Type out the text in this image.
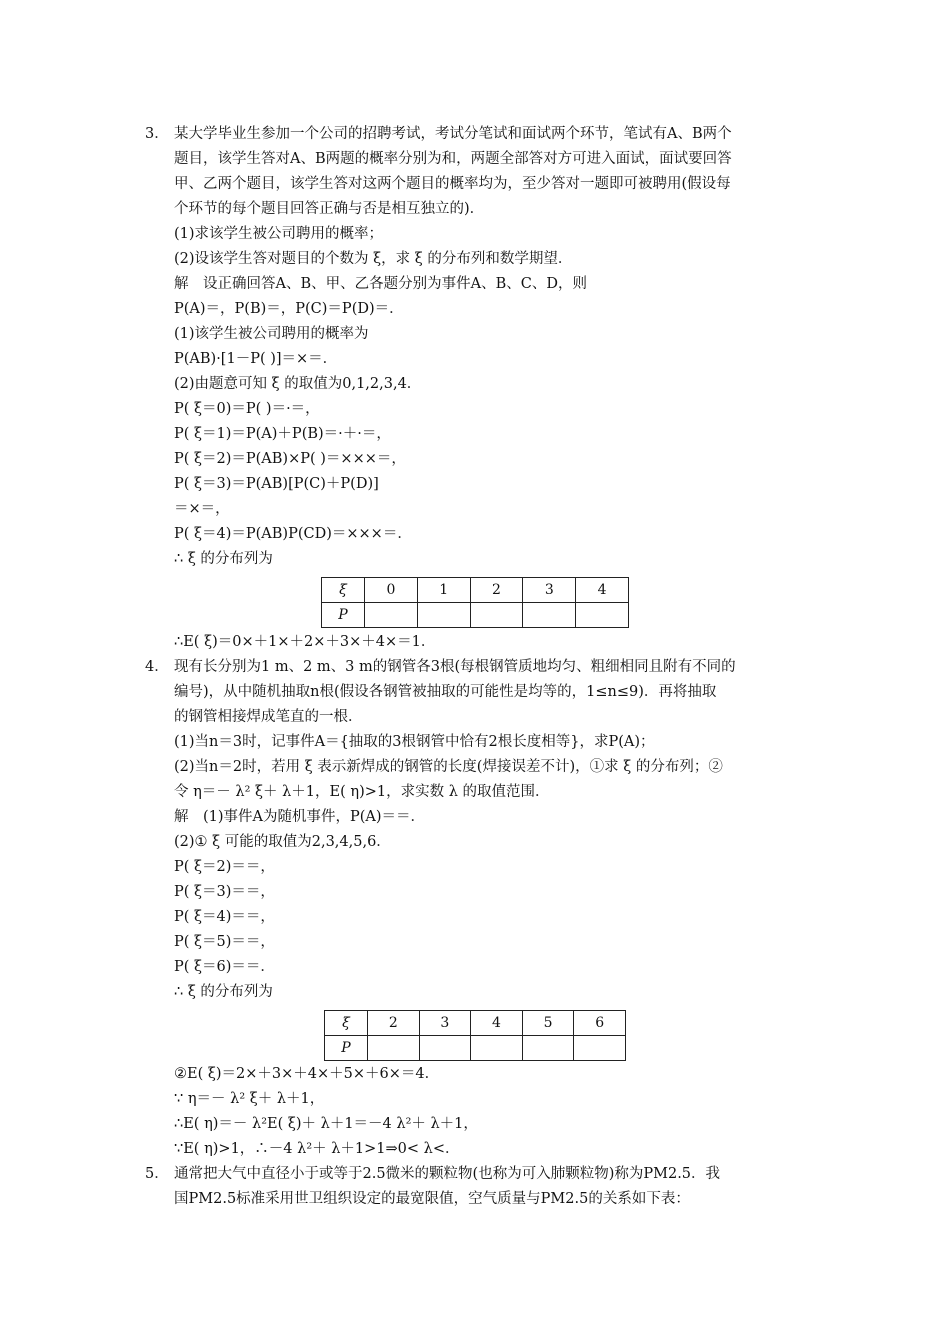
3． 某大学毕业生参加一个公司的招聘考试，考试分笔试和面试两个环节，笔试有A、B两个
题目，该学生答对A、B两题的概率分别为和，两题全部答对方可进入面试，面试要回答
甲、乙两个题目，该学生答对这两个题目的概率均为，至少答对一题即可被聘用(假设每
个环节的每个题目回答正确与否是相互独立的)．
(1)求该学生被公司聘用的概率；
(2)设该学生答对题目的个数为 ξ，求 ξ 的分布列和数学期望．
解　设正确回答A、B、甲、乙各题分别为事件A、B、C、D，则
P(A)＝，P(B)＝，P(C)＝P(D)＝．
(1)该学生被公司聘用的概率为
P(AB)·[1－P( )]＝×＝．
(2)由题意可知 ξ 的取值为0,1,2,3,4．
P( ξ＝0)＝P( )＝·＝，
P( ξ＝1)＝P(A)＋P(B)＝·＋·＝，
P( ξ＝2)＝P(AB)×P( )＝×××＝，
P( ξ＝3)＝P(AB)[P(C)＋P(D)]
＝×＝，
P( ξ＝4)＝P(AB)P(CD)＝×××＝．
∴ ξ 的分布列为
ξ	0	1	2	3	4
P					
∴E( ξ)＝0×＋1×＋2×＋3×＋4×＝1．
4． 现有长分别为1 m、2 m、3 m的钢管各3根(每根钢管质地均匀、粗细相同且附有不同的
编号)，从中随机抽取n根(假设各钢管被抽取的可能性是均等的，1≤n≤9)．再将抽取
的钢管相接焊成笔直的一根．
(1)当n＝3时，记事件A＝{抽取的3根钢管中恰有2根长度相等}，求P(A)；
(2)当n＝2时，若用 ξ 表示新焊成的钢管的长度(焊接误差不计)，①求 ξ 的分布列；②
令 η＝－ λ² ξ＋ λ＋1，E( η)>1，求实数 λ 的取值范围．
解　(1)事件A为随机事件，P(A)＝＝．
(2)① ξ 可能的取值为2,3,4,5,6．
P( ξ＝2)＝＝，
P( ξ＝3)＝＝，
P( ξ＝4)＝＝，
P( ξ＝5)＝＝，
P( ξ＝6)＝＝．
∴ ξ 的分布列为
ξ	2	3	4	5	6
P					
②E( ξ)＝2×＋3×＋4×＋5×＋6×＝4．
∵ η＝－ λ² ξ＋ λ＋1，
∴E( η)＝－ λ²E( ξ)＋ λ＋1＝－4 λ²＋ λ＋1，
∵E( η)>1，∴－4 λ²＋ λ＋1>1⇒0< λ<．
5． 通常把大气中直径小于或等于2.5微米的颗粒物(也称为可入肺颗粒物)称为PM2.5．我
国PM2.5标准采用世卫组织设定的最宽限值，空气质量与PM2.5的关系如下表：
